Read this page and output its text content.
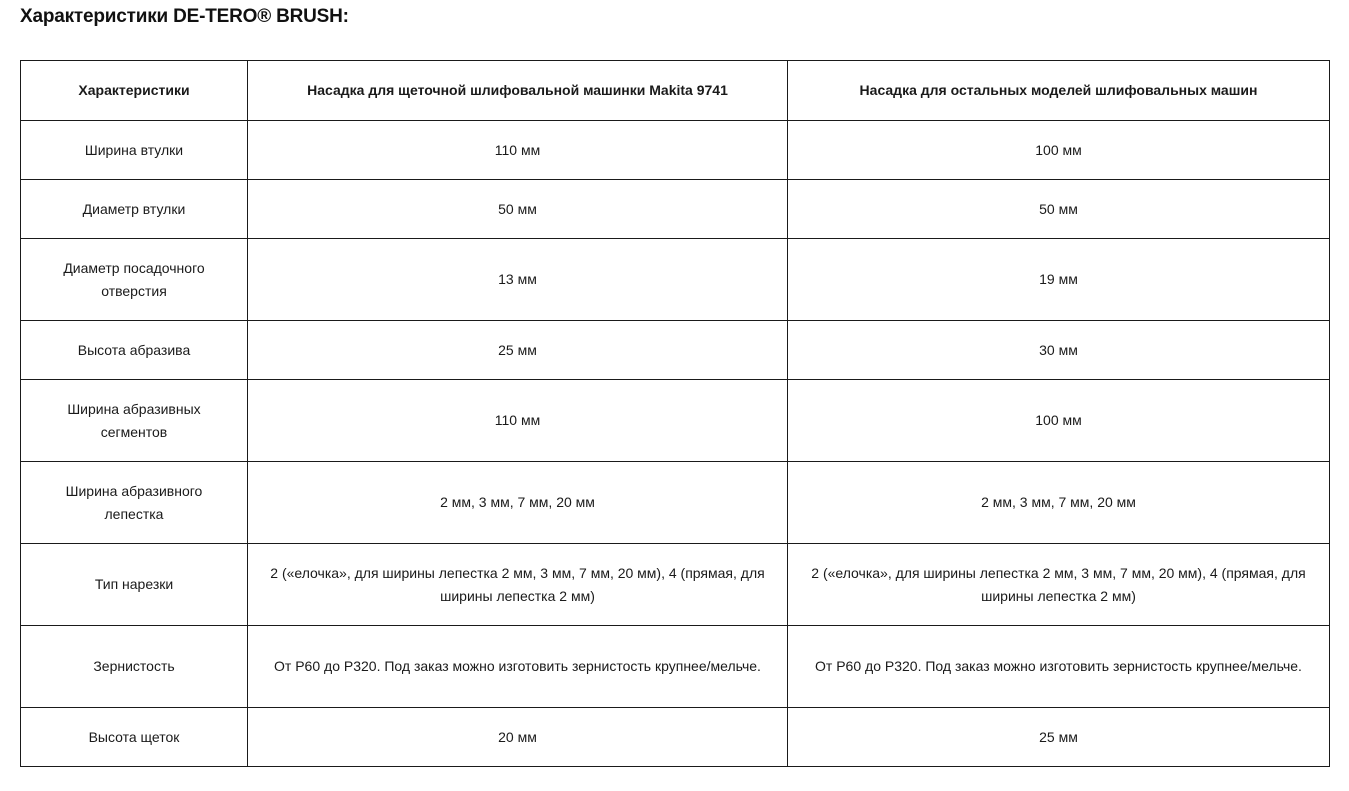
Характеристики DE-TERO® BRUSH:
Характеристики	Насадка для щеточной шлифовальной машинки Makita 9741	Насадка для остальных моделей шлифовальных машин
Ширина втулки	110 мм	100 мм
Диаметр втулки	50 мм	50 мм
Диаметр посадочного отверстия	13 мм	19 мм
Высота абразива	25 мм	30 мм
Ширина абразивных сегментов	110 мм	100 мм
Ширина абразивного лепестка	2 мм, 3 мм, 7 мм, 20 мм	2 мм, 3 мм, 7 мм, 20 мм
Тип нарезки	2 («елочка», для ширины лепестка 2 мм, 3 мм, 7 мм, 20 мм), 4 (прямая, для ширины лепестка 2 мм)	2 («елочка», для ширины лепестка 2 мм, 3 мм, 7 мм, 20 мм), 4 (прямая, для ширины лепестка 2 мм)
Зернистость	От P60 до P320. Под заказ можно изготовить зернистость крупнее/мельче.	От P60 до P320. Под заказ можно изготовить зернистость крупнее/мельче.
Высота щеток	20 мм	25 мм
